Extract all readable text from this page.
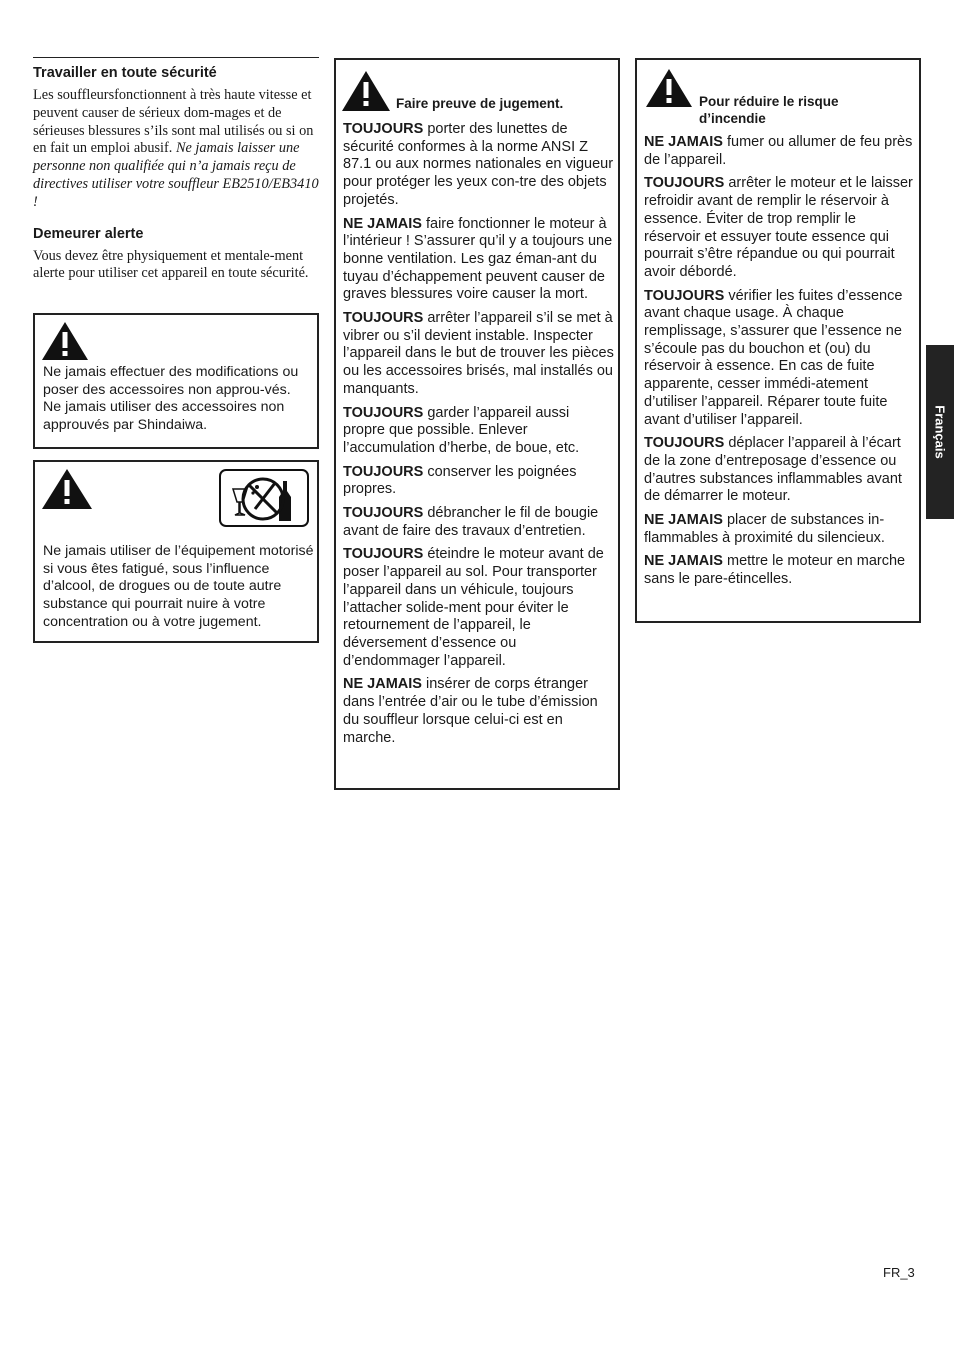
Travailler en toute sécurité

Les souffleursfonctionnent à très haute vitesse et peuvent causer de sérieux dom-mages et de sérieuses blessures s’ils sont mal utilisés ou si on en fait un emploi abusif. Ne jamais laisser une personne non qualifiée qui n’a jamais reçu de directives utiliser votre souffleur EB2510/EB3410 !

Demeurer alerte

Vous devez être physiquement et mentale-ment alerte pour utiliser cet appareil en toute sécurité.

Ne jamais effectuer des modifications ou poser des accessoires non approu-vés. Ne jamais utiliser des accessoires non approuvés par Shindaiwa.
Ne jamais utiliser de l’équipement motorisé si vous êtes fatigué, sous l’influence d’alcool, de drogues ou de toute autre substance qui pourrait nuire à votre concentration ou à votre jugement.
Faire preuve de jugement.

TOUJOURS porter des lunettes de sécurité conformes à la norme ANSI Z 87.1 ou aux normes nationales en vigueur pour protéger les yeux con-tre des objets projetés.

NE JAMAIS faire fonctionner le moteur à l’intérieur ! S’assurer qu’il y a toujours une bonne ventilation. Les gaz éman-ant du tuyau d’échappement peuvent causer de graves blessures voire causer la mort.

TOUJOURS arrêter l’appareil s’il se met à vibrer ou s’il devient instable. Inspecter l’appareil dans le but de trouver les pièces ou les accessoires brisés, mal installés ou manquants.

TOUJOURS garder l’appareil aussi propre que possible. Enlever l’accumulation d’herbe, de boue, etc.

TOUJOURS conserver les poignées propres.

TOUJOURS débrancher le fil de bougie avant de faire des travaux d’entretien.

TOUJOURS éteindre le moteur avant de poser l’appareil au sol. Pour transporter l’appareil dans un véhicule, toujours l’attacher solide-ment pour éviter le retournement de l’appareil, le déversement d’essence ou d’endommager l’appareil.

NE JAMAIS insérer de corps étranger dans l’entrée d’air ou le tube d’émission du souffleur lorsque celui-ci est en marche.

Pour réduire le risque d’incendie

NE JAMAIS fumer ou allumer de feu près de l’appareil.

TOUJOURS arrêter le moteur et le laisser refroidir avant de remplir le réservoir à essence. Éviter de trop remplir le réservoir et essuyer toute essence qui pourrait s’être répandue ou qui pourrait avoir débordé.

TOUJOURS vérifier les fuites d’essence avant chaque usage. À chaque remplissage, s’assurer que l’essence ne s’écoule pas du bouchon et (ou) du réservoir à essence. En cas de fuite apparente, cesser immédi-atement d’utiliser l’appareil. Réparer toute fuite avant d’utiliser l’appareil.

TOUJOURS déplacer l’appareil à l’écart de la zone d’entreposage d’essence ou d’autres substances inflammables avant de démarrer le moteur.

NE JAMAIS placer de substances in-flammables à proximité du silencieux.

NE JAMAIS mettre le moteur en marche sans le pare-étincelles.

Français
FR_3
